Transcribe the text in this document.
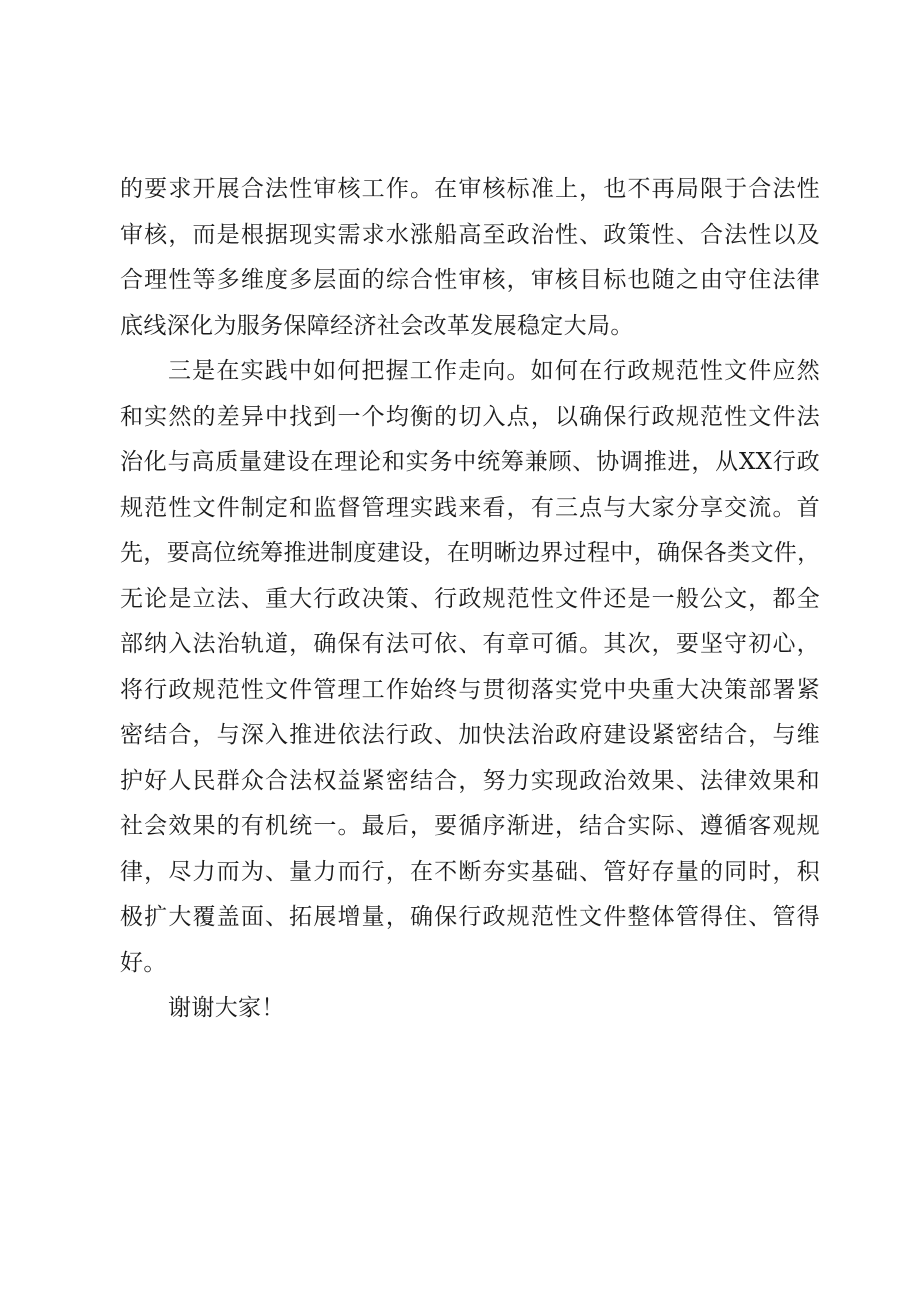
的要求开展合法性审核工作。在审核标准上，也不再局限于合法性
审核，而是根据现实需求水涨船高至政治性、政策性、合法性以及
合理性等多维度多层面的综合性审核，审核目标也随之由守住法律
底线深化为服务保障经济社会改革发展稳定大局。
三是在实践中如何把握工作走向。如何在行政规范性文件应然
和实然的差异中找到一个均衡的切入点，以确保行政规范性文件法
治化与高质量建设在理论和实务中统筹兼顾、协调推进，从XX行政
规范性文件制定和监督管理实践来看，有三点与大家分享交流。首
先，要高位统筹推进制度建设，在明晰边界过程中，确保各类文件，
无论是立法、重大行政决策、行政规范性文件还是一般公文，都全
部纳入法治轨道，确保有法可依、有章可循。其次，要坚守初心，
将行政规范性文件管理工作始终与贯彻落实党中央重大决策部署紧
密结合，与深入推进依法行政、加快法治政府建设紧密结合，与维
护好人民群众合法权益紧密结合，努力实现政治效果、法律效果和
社会效果的有机统一。最后，要循序渐进，结合实际、遵循客观规
律，尽力而为、量力而行，在不断夯实基础、管好存量的同时，积
极扩大覆盖面、拓展增量，确保行政规范性文件整体管得住、管得
好。
谢谢大家！
